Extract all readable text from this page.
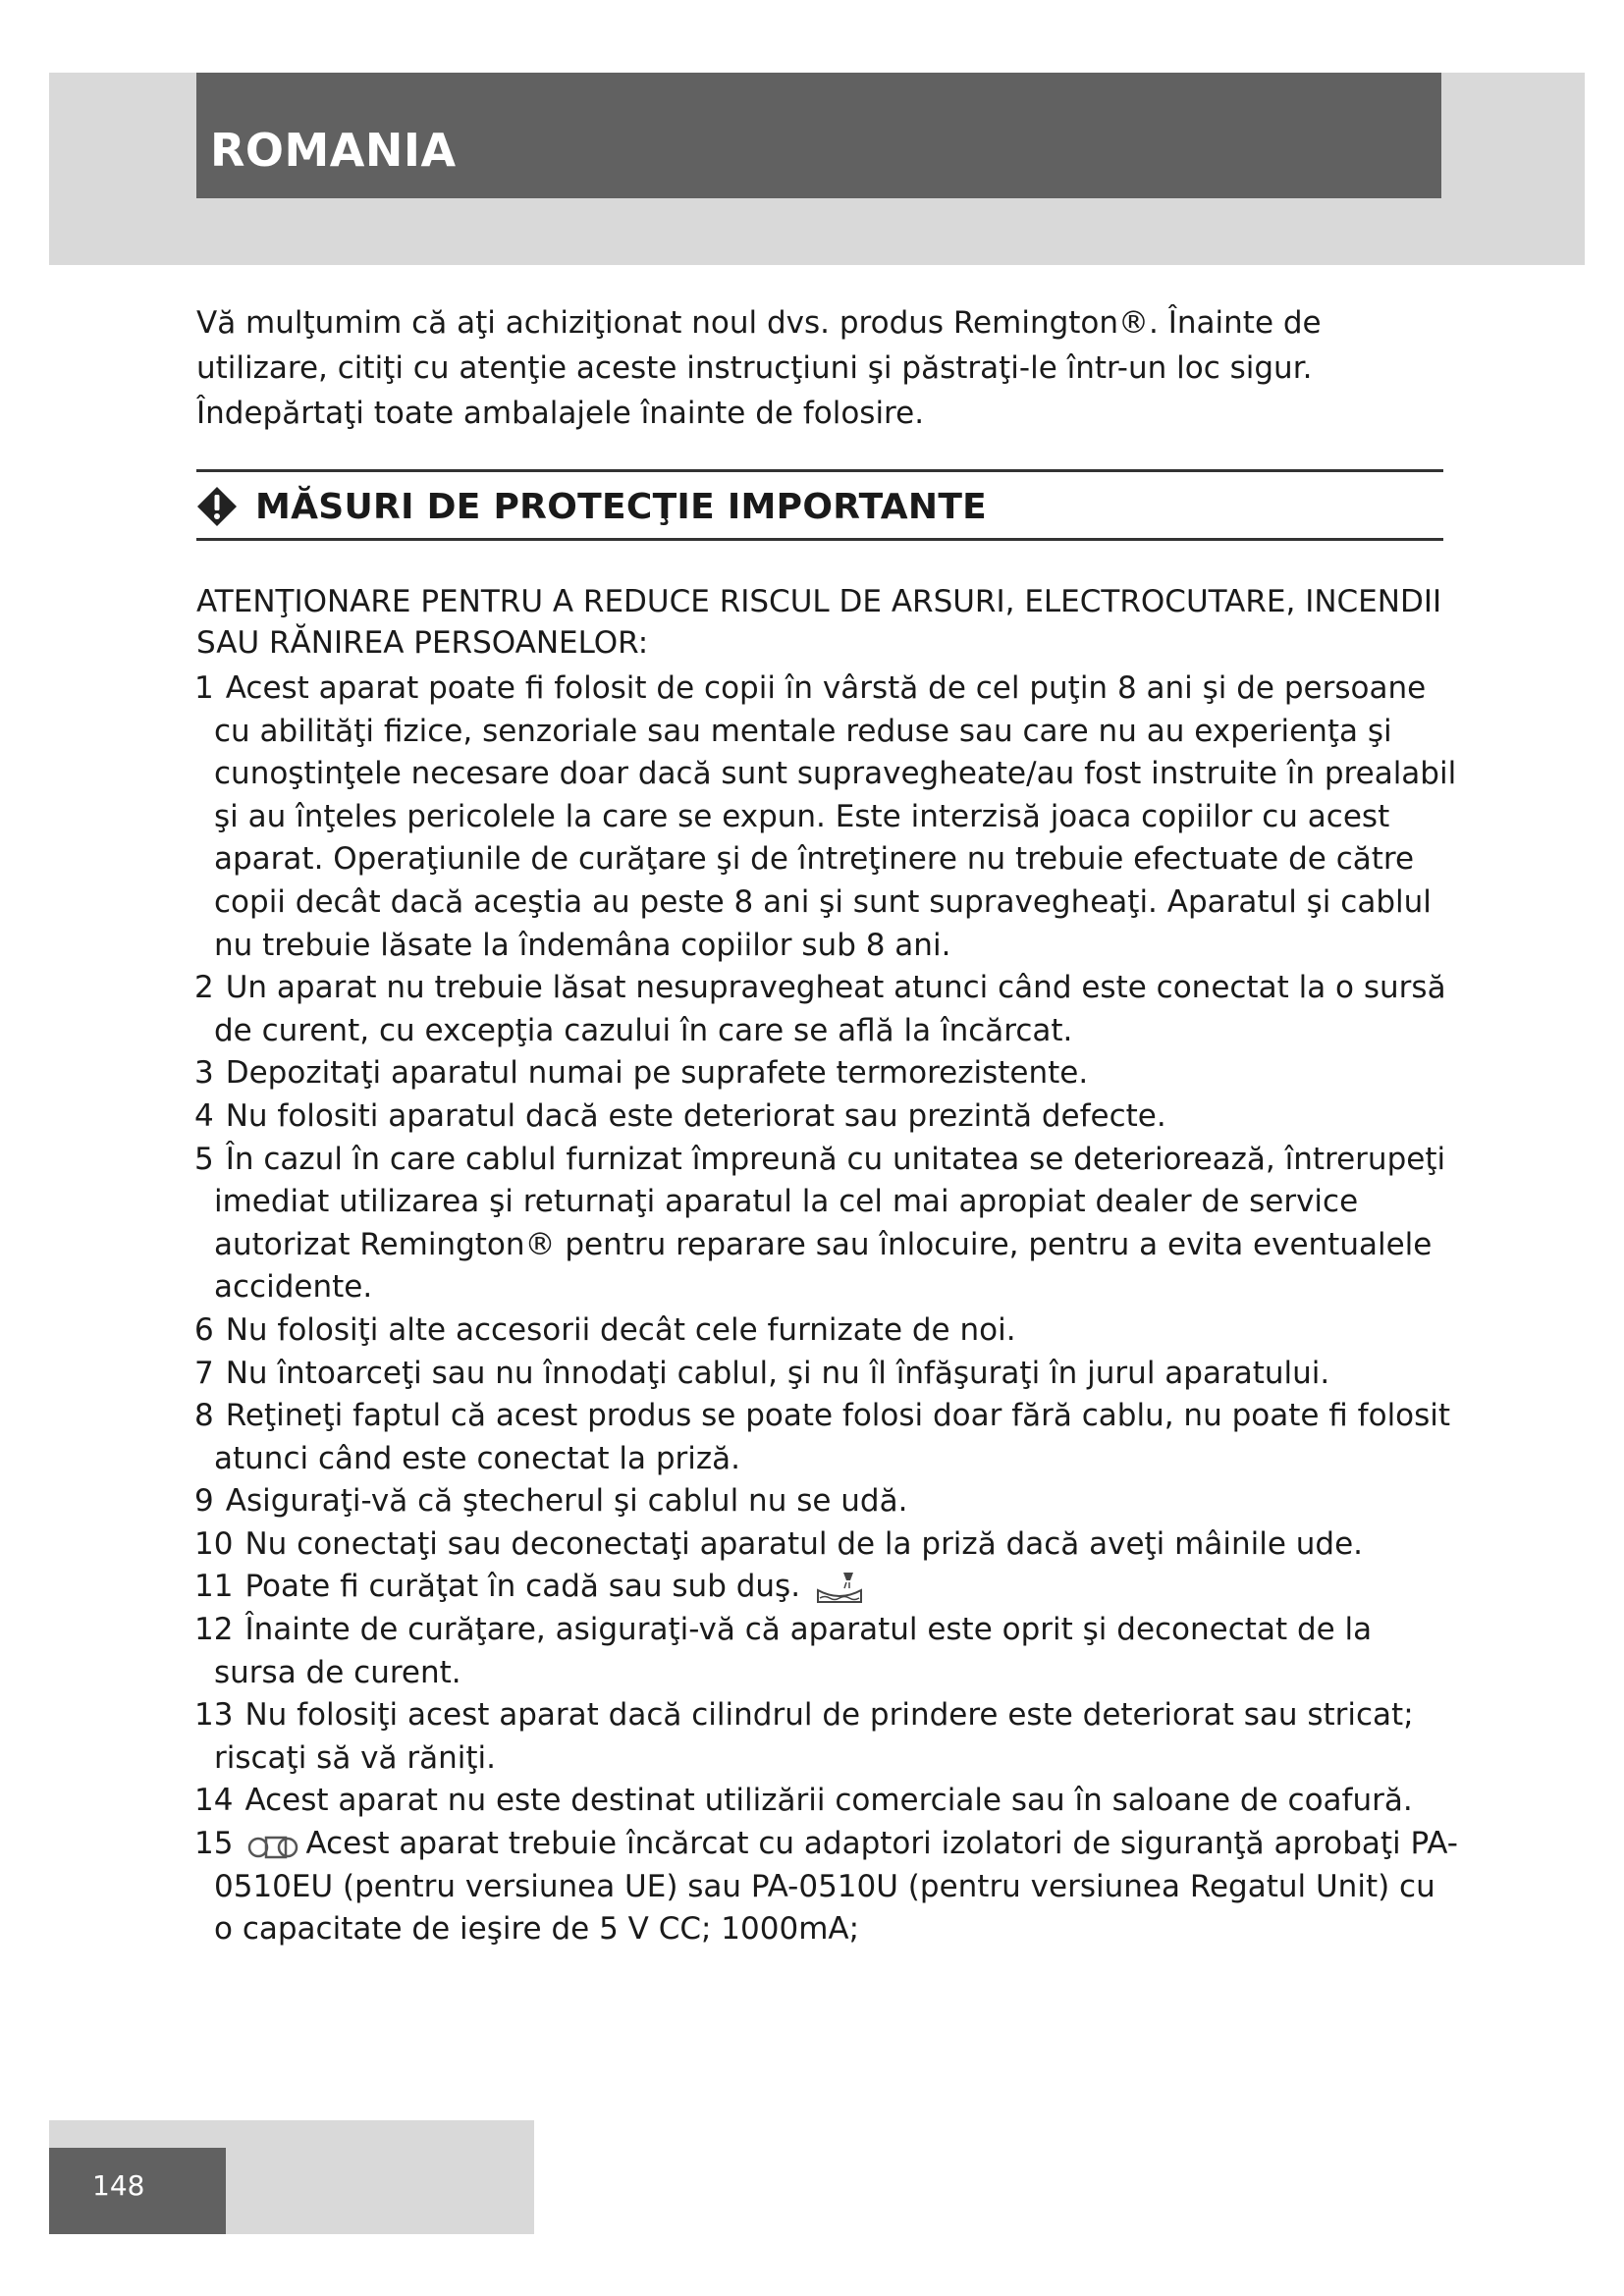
ROMANIA

Vă mulţumim că aţi achiziţionat noul dvs. produs Remington®. Înainte de

utilizare, citiţi cu atenţie aceste instrucţiuni şi păstraţi-le într-un loc sigur.

Îndepărtaţi toate ambalajele înainte de folosire.

MĂSURI DE PROTECŢIE IMPORTANTE
ATENŢIONARE PENTRU A REDUCE RISCUL DE ARSURI, ELECTROCUTARE, INCENDII
SAU RĂNIREA PERSOANELOR:
1 Acest aparat poate fi folosit de copii în vârstă de cel puţin 8 ani şi de persoane cu abilităţi fizice, senzoriale sau mentale reduse sau care nu au experienţa şi cunoştinţele necesare doar dacă sunt supravegheate/au fost instruite în prealabil şi au înţeles pericolele la care se expun. Este interzisă joaca copiilor cu acest aparat. Operaţiunile de curăţare şi de întreţinere nu trebuie efectuate de către copii decât dacă aceştia au peste 8 ani şi sunt supravegheaţi. Aparatul şi cablul nu trebuie lăsate la îndemâna copiilor sub 8 ani.
2 Un aparat nu trebuie lăsat nesupravegheat atunci când este conectat la o sursă de curent, cu excepţia cazului în care se află la încărcat.
3 Depozitaţi aparatul numai pe suprafete termorezistente.
4 Nu folositi aparatul dacă este deteriorat sau prezintă defecte.
5 În cazul în care cablul furnizat împreună cu unitatea se deteriorează, întrerupeţi imediat utilizarea şi returnaţi aparatul la cel mai apropiat dealer de service autorizat Remington® pentru reparare sau înlocuire, pentru a evita eventualele accidente.
6 Nu folosiţi alte accesorii decât cele furnizate de noi.
7 Nu întoarceţi sau nu înnodaţi cablul, şi nu îl înfăşuraţi în jurul aparatului.
8 Reţineţi faptul că acest produs se poate folosi doar fără cablu, nu poate fi folosit atunci când este conectat la priză.
9 Asiguraţi-vă că ştecherul şi cablul nu se udă.
10 Nu conectaţi sau deconectaţi aparatul de la priză dacă aveţi mâinile ude.
11 Poate fi curăţat în cadă sau sub duş.
12 Înainte de curăţare, asiguraţi-vă că aparatul este oprit şi deconectat de la sursa de curent.
13 Nu folosiţi acest aparat dacă cilindrul de prindere este deteriorat sau stricat; riscaţi să vă răniţi.
14 Acest aparat nu este destinat utilizării comerciale sau în saloane de coafură.
15 Acest aparat trebuie încărcat cu adaptori izolatori de siguranţă aprobaţi PA-0510EU (pentru versiunea UE) sau PA-0510U (pentru versiunea Regatul Unit) cu o capacitate de ieşire de 5 V CC; 1000mA;
148
